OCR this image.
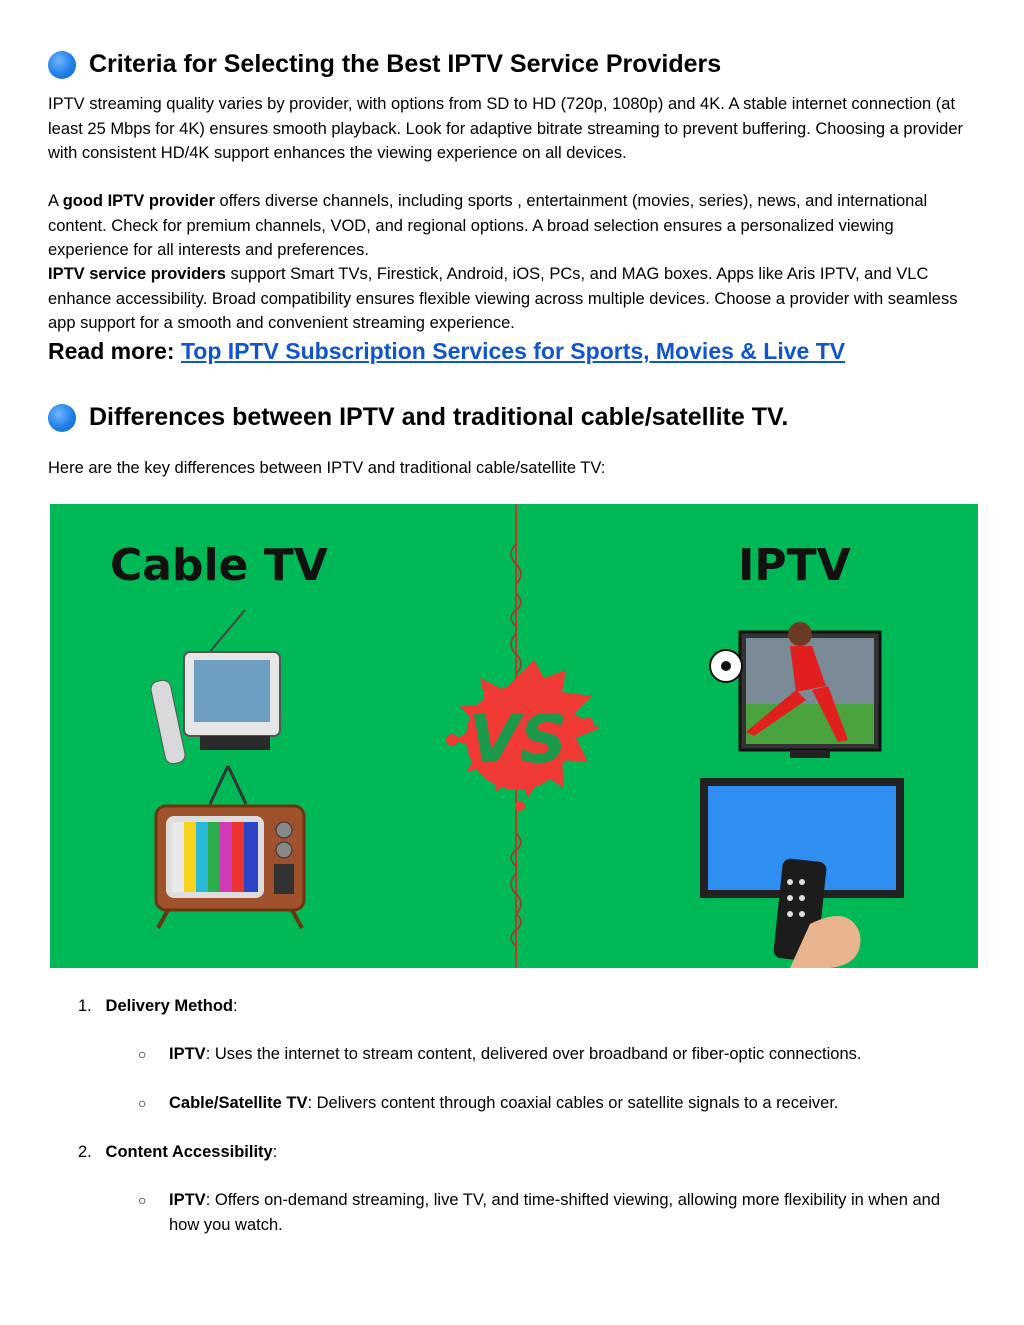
Criteria for Selecting the Best IPTV Service Providers

IPTV streaming quality varies by provider, with options from SD to HD (720p, 1080p) and 4K. A stable internet connection (at least 25 Mbps for 4K) ensures smooth playback. Look for adaptive bitrate streaming to prevent buffering. Choosing a provider with consistent HD/4K support enhances the viewing experience on all devices.

A good IPTV provider offers diverse channels, including sports , entertainment (movies, series), news, and international content. Check for premium channels, VOD, and regional options. A broad selection ensures a personalized viewing experience for all interests and preferences.

IPTV service providers support Smart TVs, Firestick, Android, iOS, PCs, and MAG boxes. Apps like Aris IPTV, and VLC enhance accessibility. Broad compatibility ensures flexible viewing across multiple devices. Choose a provider with seamless app support for a smooth and convenient streaming experience.

Read more: Top IPTV Subscription Services for Sports, Movies & Live TV

Differences between IPTV and traditional cable/satellite TV.

Here are the key differences between IPTV and traditional cable/satellite TV:

Cable TV	IPTV
VS
1. Delivery Method:
○ IPTV: Uses the internet to stream content, delivered over broadband or fiber-optic connections.
○ Cable/Satellite TV: Delivers content through coaxial cables or satellite signals to a receiver.
2. Content Accessibility:
○ IPTV: Offers on-demand streaming, live TV, and time-shifted viewing, allowing more flexibility in when and how you watch.
